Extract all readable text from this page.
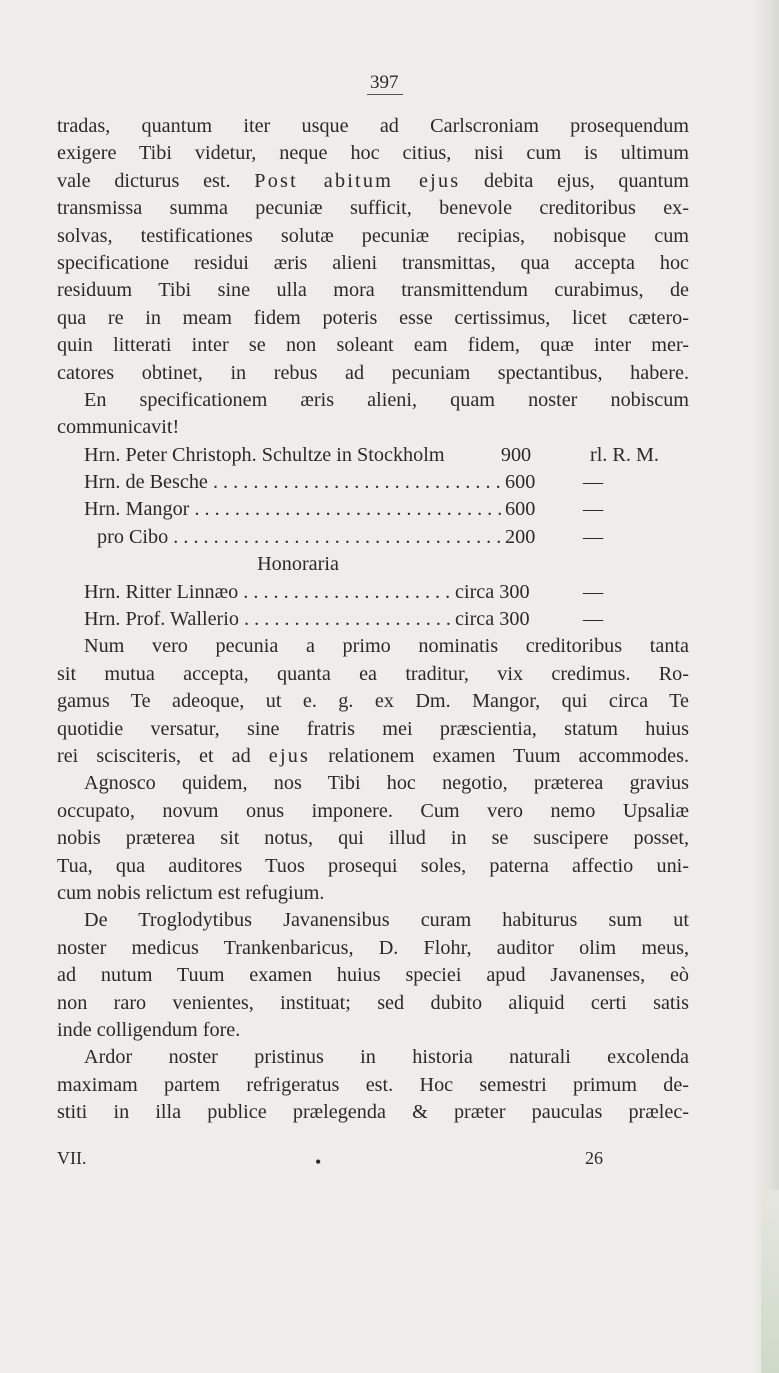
397
tradas, quantum iter usque ad Carlscroniam prosequendum
exigere Tibi videtur, neque hoc citius, nisi cum is ultimum
vale dicturus est. Post abitum ejus debita ejus, quantum
transmissa summa pecuniæ sufficit, benevole creditoribus ex-
solvas, testificationes solutæ pecuniæ recipias, nobisque cum
specificatione residui æris alieni transmittas, qua accepta hoc
residuum Tibi sine ulla mora transmittendum curabimus, de
qua re in meam fidem poteris esse certissimus, licet cætero-
quin litterati inter se non soleant eam fidem, quæ inter mer-
catores obtinet, in rebus ad pecuniam spectantibus, habere.
En specificationem æris alieni, quam noster nobiscum
communicavit!
Hrn. Peter Christoph. Schultze in Stockholm	900	rl. R. M.
Hrn. de Besche . . .	600	—
Hrn. Mangor . . .	600	—
pro Cibo . . .	200	—
Honoraria
Hrn. Ritter Linnæo . . .	circa 300	—
Hrn. Prof. Wallerio . . .	circa 300	—
Num vero pecunia a primo nominatis creditoribus tanta
sit mutua accepta, quanta ea traditur, vix credimus. Ro-
gamus Te adeoque, ut e. g. ex Dm. Mangor, qui circa Te
quotidie versatur, sine fratris mei præscientia, statum huius
rei scisciteris, et ad ejus relationem examen Tuum accommodes.
Agnosco quidem, nos Tibi hoc negotio, præterea gravius
occupato, novum onus imponere. Cum vero nemo Upsaliæ
nobis præterea sit notus, qui illud in se suscipere posset,
Tua, qua auditores Tuos prosequi soles, paterna affectio uni-
cum nobis relictum est refugium.
De Troglodytibus Javanensibus curam habiturus sum ut
noster medicus Trankenbaricus, D. Flohr, auditor olim meus,
ad nutum Tuum examen huius speciei apud Javanenses, eò
non raro venientes, instituat; sed dubito aliquid certi satis
inde colligendum fore.
Ardor noster pristinus in historia naturali excolenda
maximam partem refrigeratus est. Hoc semestri primum de-
stiti in illa publice prælegenda & præter pauculas prælec-
VII.	•	26
